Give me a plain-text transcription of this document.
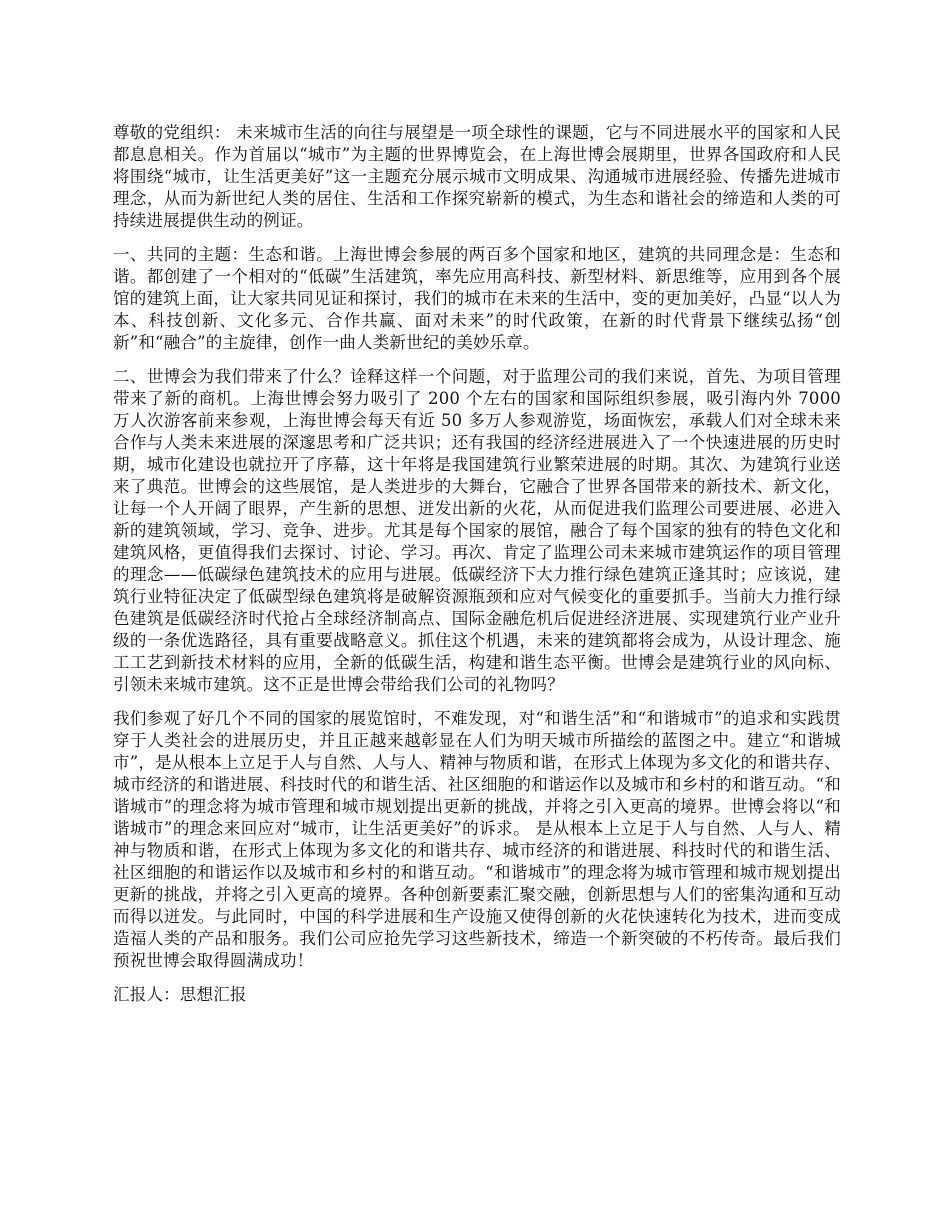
尊敬的党组织： 未来城市生活的向往与展望是一项全球性的课题，它与不同进展水平的国家和人民都息息相关。作为首届以“城市”为主题的世界博览会，在上海世博会展期里，世界各国政府和人民将围绕“城市，让生活更美好”这一主题充分展示城市文明成果、沟通城市进展经验、传播先进城市理念，从而为新世纪人类的居住、生活和工作探究崭新的模式，为生态和谐社会的缔造和人类的可持续进展提供生动的例证。

一、共同的主题：生态和谐。上海世博会参展的两百多个国家和地区，建筑的共同理念是：生态和谐。都创建了一个相对的“低碳”生活建筑，率先应用高科技、新型材料、新思维等，应用到各个展馆的建筑上面，让大家共同见证和探讨，我们的城市在未来的生活中，变的更加美好，凸显“以人为本、科技创新、文化多元、合作共赢、面对未来”的时代政策，在新的时代背景下继续弘扬“创新”和“融合”的主旋律，创作一曲人类新世纪的美妙乐章。

二、世博会为我们带来了什么？诠释这样一个问题，对于监理公司的我们来说，首先、为项目管理带来了新的商机。上海世博会努力吸引了 200 个左右的国家和国际组织参展，吸引海内外 7000 万人次游客前来参观，上海世博会每天有近 50 多万人参观游览，场面恢宏，承载人们对全球未来合作与人类未来进展的深邃思考和广泛共识；还有我国的经济经进展进入了一个快速进展的历史时期，城市化建设也就拉开了序幕，这十年将是我国建筑行业繁荣进展的时期。其次、为建筑行业送来了典范。世博会的这些展馆，是人类进步的大舞台，它融合了世界各国带来的新技术、新文化，让每一个人开阔了眼界，产生新的思想、迸发出新的火花，从而促进我们监理公司要进展、必进入新的建筑领域，学习、竞争、进步。尤其是每个国家的展馆，融合了每个国家的独有的特色文化和建筑风格，更值得我们去探讨、讨论、学习。再次、肯定了监理公司未来城市建筑运作的项目管理的理念——低碳绿色建筑技术的应用与进展。低碳经济下大力推行绿色建筑正逢其时；应该说，建筑行业特征决定了低碳型绿色建筑将是破解资源瓶颈和应对气候变化的重要抓手。当前大力推行绿色建筑是低碳经济时代抢占全球经济制高点、国际金融危机后促进经济进展、实现建筑行业产业升级的一条优选路径，具有重要战略意义。抓住这个机遇，未来的建筑都将会成为，从设计理念、施工工艺到新技术材料的应用，全新的低碳生活，构建和谐生态平衡。世博会是建筑行业的风向标、引领未来城市建筑。这不正是世博会带给我们公司的礼物吗？

我们参观了好几个不同的国家的展览馆时，不难发现，对“和谐生活”和“和谐城市”的追求和实践贯穿于人类社会的进展历史，并且正越来越彰显在人们为明天城市所描绘的蓝图之中。建立“和谐城市”，是从根本上立足于人与自然、人与人、精神与物质和谐，在形式上体现为多文化的和谐共存、城市经济的和谐进展、科技时代的和谐生活、社区细胞的和谐运作以及城市和乡村的和谐互动。“和谐城市”的理念将为城市管理和城市规划提出更新的挑战，并将之引入更高的境界。世博会将以“和谐城市”的理念来回应对“城市，让生活更美好”的诉求。 是从根本上立足于人与自然、人与人、精神与物质和谐，在形式上体现为多文化的和谐共存、城市经济的和谐进展、科技时代的和谐生活、社区细胞的和谐运作以及城市和乡村的和谐互动。“和谐城市”的理念将为城市管理和城市规划提出更新的挑战，并将之引入更高的境界。各种创新要素汇聚交融，创新思想与人们的密集沟通和互动而得以迸发。与此同时，中国的科学进展和生产设施又使得创新的火花快速转化为技术，进而变成造福人类的产品和服务。我们公司应抢先学习这些新技术，缔造一个新突破的不朽传奇。最后我们预祝世博会取得圆满成功！

汇报人：思想汇报
